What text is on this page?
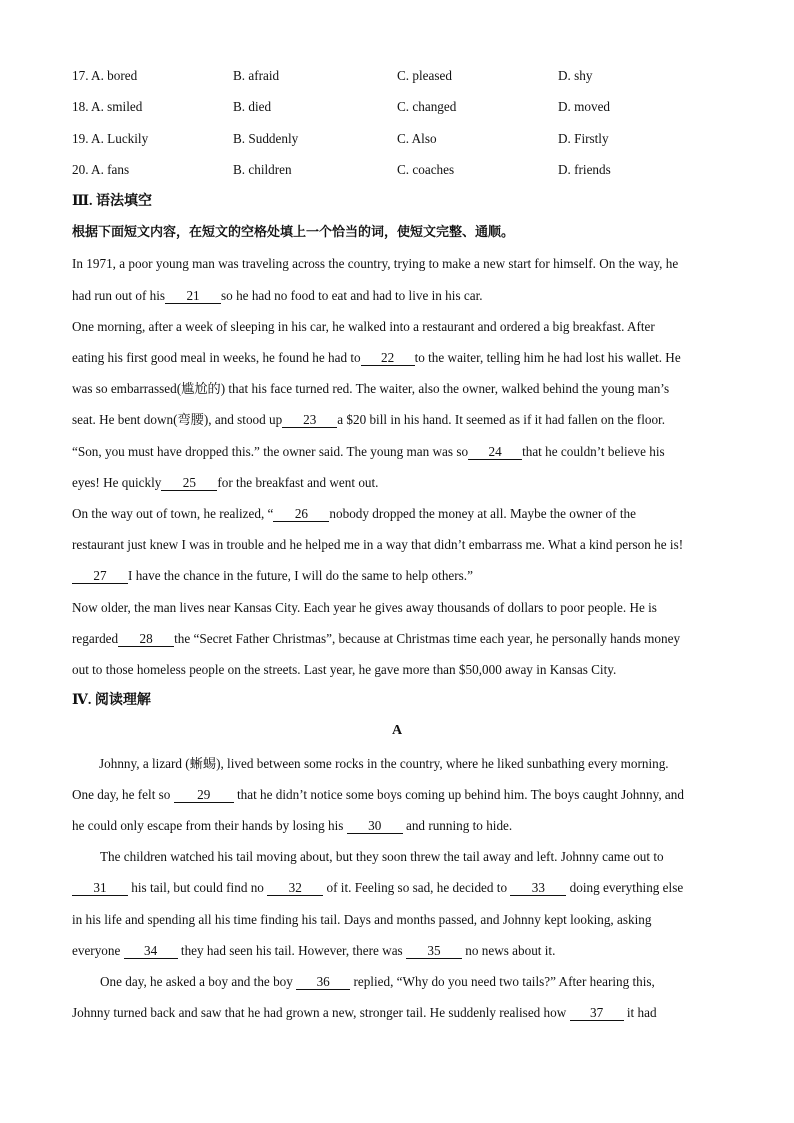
17. A. bored	B. afraid	C. pleased	D. shy
18. A. smiled	B. died	C. changed	D. moved
19. A. Luckily	B. Suddenly	C. Also	D. Firstly
20. A. fans	B. children	C. coaches	D. friends
Ⅲ. 语法填空
根据下面短文内容，在短文的空格处填上一个恰当的词，使短文完整、通顺。
In 1971, a poor young man was traveling across the country, trying to make a new start for himself. On the way, he
had run out of his 21 so he had no food to eat and had to live in his car.
One morning, after a week of sleeping in his car, he walked into a restaurant and ordered a big breakfast. After
eating his first good meal in weeks, he found he had to 22 to the waiter, telling him he had lost his wallet. He
was so embarrassed(尴尬的) that his face turned red. The waiter, also the owner, walked behind the young man’s
seat. He bent down(弯腰), and stood up 23 a $20 bill in his hand. It seemed as if it had fallen on the floor.
“Son, you must have dropped this.” the owner said. The young man was so 24 that he couldn’t believe his
eyes! He quickly 25 for the breakfast and went out.
On the way out of town, he realized, “ 26 nobody dropped the money at all. Maybe the owner of the
restaurant just knew I was in trouble and he helped me in a way that didn’t embarrass me. What a kind person he is!
27 I have the chance in the future, I will do the same to help others.”
Now older, the man lives near Kansas City. Each year he gives away thousands of dollars to poor people. He is
regarded 28 the “Secret Father Christmas”, because at Christmas time each year, he personally hands money
out to those homeless people on the streets. Last year, he gave more than $50,000 away in Kansas City.
Ⅳ. 阅读理解
A
Johnny, a lizard (蜥蜴), lived between some rocks in the country, where he liked sunbathing every morning.
One day, he felt so 29 that he didn’t notice some boys coming up behind him. The boys caught Johnny, and
he could only escape from their hands by losing his 30 and running to hide.
The children watched his tail moving about, but they soon threw the tail away and left. Johnny came out to
31 his tail, but could find no 32 of it. Feeling so sad, he decided to 33 doing everything else
in his life and spending all his time finding his tail. Days and months passed, and Johnny kept looking, asking
everyone 34 they had seen his tail. However, there was 35 no news about it.
One day, he asked a boy and the boy 36 replied, “Why do you need two tails?” After hearing this,
Johnny turned back and saw that he had grown a new, stronger tail. He suddenly realised how 37 it had
